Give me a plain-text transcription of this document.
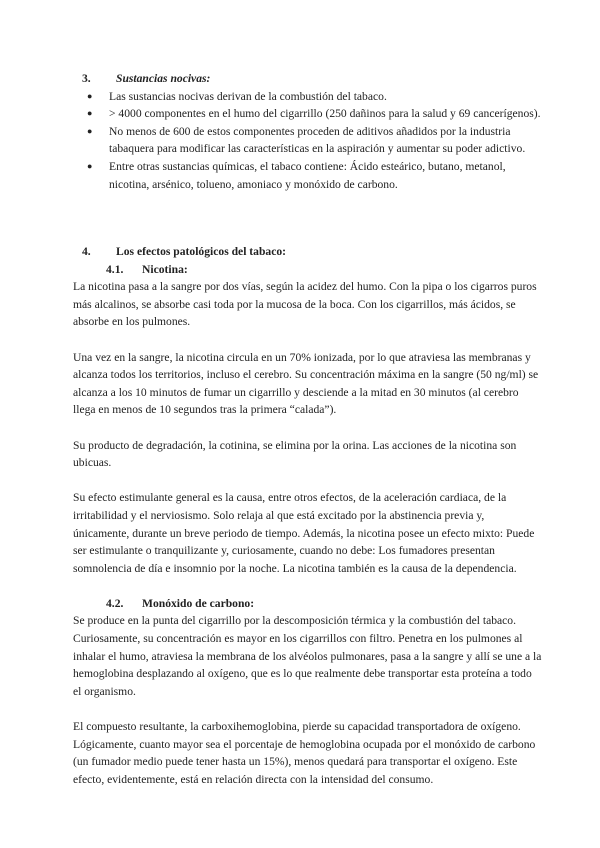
3. Sustancias nocivas:
● Las sustancias nocivas derivan de la combustión del tabaco.
● > 4000 componentes en el humo del cigarrillo (250 dañinos para la salud y 69 cancerígenos).
● No menos de 600 de estos componentes proceden de aditivos añadidos por la industria tabaquera para modificar las características en la aspiración y aumentar su poder adictivo.
● Entre otras sustancias químicas, el tabaco contiene: Ácido esteárico, butano, metanol, nicotina, arsénico, tolueno, amoniaco y monóxido de carbono.
4. Los efectos patológicos del tabaco:
4.1. Nicotina:

La nicotina pasa a la sangre por dos vías, según la acidez del humo. Con la pipa o los cigarros puros más alcalinos, se absorbe casi toda por la mucosa de la boca. Con los cigarrillos, más ácidos, se absorbe en los pulmones.

Una vez en la sangre, la nicotina circula en un 70% ionizada, por lo que atraviesa las membranas y alcanza todos los territorios, incluso el cerebro. Su concentración máxima en la sangre (50 ng/ml) se alcanza a los 10 minutos de fumar un cigarrillo y desciende a la mitad en 30 minutos (al cerebro llega en menos de 10 segundos tras la primera “calada”).

Su producto de degradación, la cotinina, se elimina por la orina. Las acciones de la nicotina son ubicuas.

Su efecto estimulante general es la causa, entre otros efectos, de la aceleración cardiaca, de la irritabilidad y el nerviosismo. Solo relaja al que está excitado por la abstinencia previa y, únicamente, durante un breve periodo de tiempo. Además, la nicotina posee un efecto mixto: Puede ser estimulante o tranquilizante y, curiosamente, cuando no debe: Los fumadores presentan somnolencia de día e insomnio por la noche. La nicotina también es la causa de la dependencia.

4.2. Monóxido de carbono:

Se produce en la punta del cigarrillo por la descomposición térmica y la combustión del tabaco. Curiosamente, su concentración es mayor en los cigarrillos con filtro. Penetra en los pulmones al inhalar el humo, atraviesa la membrana de los alvéolos pulmonares, pasa a la sangre y allí se une a la hemoglobina desplazando al oxígeno, que es lo que realmente debe transportar esta proteína a todo el organismo.

El compuesto resultante, la carboxihemoglobina, pierde su capacidad transportadora de oxígeno. Lógicamente, cuanto mayor sea el porcentaje de hemoglobina ocupada por el monóxido de carbono (un fumador medio puede tener hasta un 15%), menos quedará para transportar el oxígeno. Este efecto, evidentemente, está en relación directa con la intensidad del consumo.
